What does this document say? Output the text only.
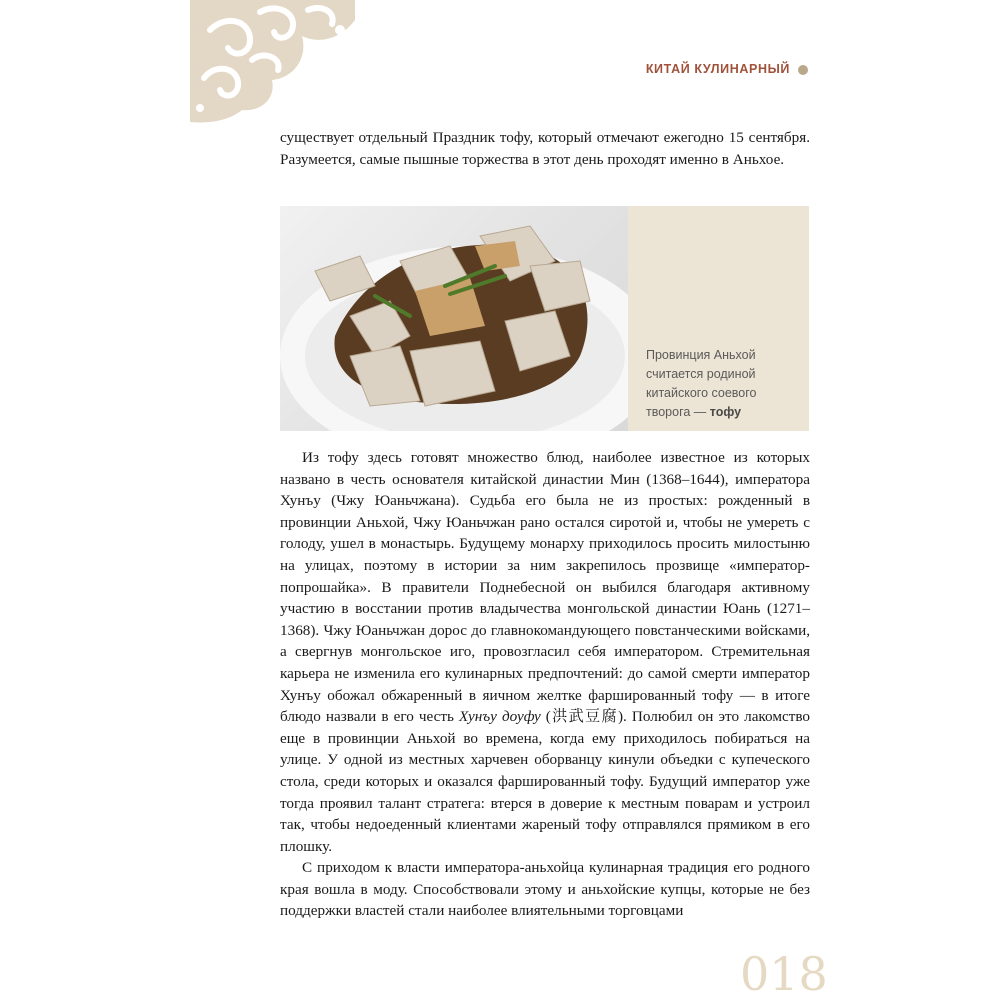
КИТАЙ КУЛИНАРНЫЙ

существует отдельный Праздник тофу, который отмечают ежегодно 15 сентября. Разумеется, самые пышные торжества в этот день проходят именно в Аньхое.

Провинция Аньхой считается родиной китайского соевого творога — тофу

Из тофу здесь готовят множество блюд, наиболее известное из которых названо в честь основателя китайской династии Мин (1368–1644), императора Хунъу (Чжу Юаньчжана). Судьба его была не из простых: рожденный в провинции Аньхой, Чжу Юаньчжан рано остался сиротой и, чтобы не умереть с голоду, ушел в монастырь. Будущему монарху приходилось просить милостыню на улицах, поэтому в истории за ним закрепилось прозвище «император-попрошайка». В правители Поднебесной он выбился благодаря активному участию в восстании против владычества монгольской династии Юань (1271–1368). Чжу Юаньчжан дорос до главнокомандующего повстанческими войсками, а свергнув монгольское иго, провозгласил себя императором. Стремительная карьера не изменила его кулинарных предпочтений: до самой смерти император Хунъу обожал обжаренный в яичном желтке фаршированный тофу — в итоге блюдо назвали в его честь Хунъу доуфу (洪武豆腐). Полюбил он это лакомство еще в провинции Аньхой во времена, когда ему приходилось побираться на улице. У одной из местных харчевен оборванцу кинули объедки с купеческого стола, среди которых и оказался фаршированный тофу. Будущий император уже тогда проявил талант стратега: втерся в доверие к местным поварам и устроил так, чтобы недоеденный клиентами жареный тофу отправлялся прямиком в его плошку.

С приходом к власти императора-аньхойца кулинарная традиция его родного края вошла в моду. Способствовали этому и аньхойские купцы, которые не без поддержки властей стали наиболее влиятельными торговцами

018
